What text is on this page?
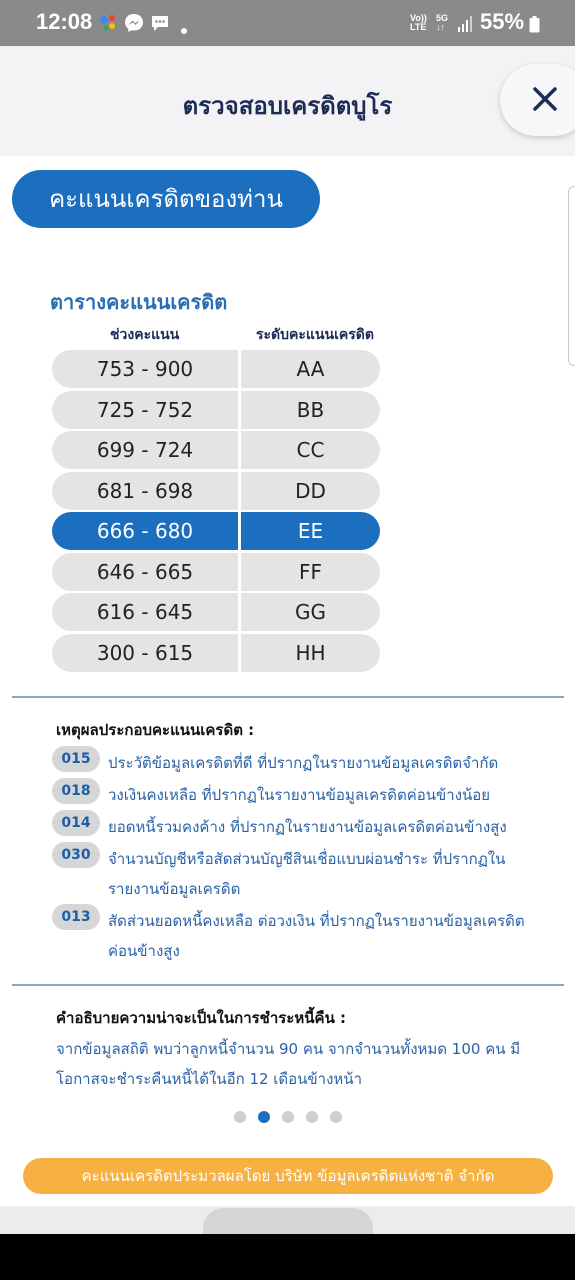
12:08	Vo))
LTE
5G
↓↑ 55%
ตรวจสอบเครดิตบูโร
คะแนนเครดิตของท่าน
ตารางคะแนนเครดิต
ช่วงคะแนน	ระดับคะแนนเครดิต
753 - 900	AA
725 - 752	BB
699 - 724	CC
681 - 698	DD
666 - 680	EE
646 - 665	FF
616 - 645	GG
300 - 615	HH
เหตุผลประกอบคะแนนเครดิต :
015	ประวัติข้อมูลเครดิตที่ดี ที่ปรากฏในรายงานข้อมูลเครดิตจำกัด
018	วงเงินคงเหลือ ที่ปรากฏในรายงานข้อมูลเครดิตค่อนข้างน้อย
014	ยอดหนี้รวมคงค้าง ที่ปรากฏในรายงานข้อมูลเครดิตค่อนข้างสูง
030	จำนวนบัญชีหรือสัดส่วนบัญชีสินเชื่อแบบผ่อนชำระ ที่ปรากฏในรายงานข้อมูลเครดิต
013	สัดส่วนยอดหนี้คงเหลือ ต่อวงเงิน ที่ปรากฏในรายงานข้อมูลเครดิตค่อนข้างสูง
คำอธิบายความน่าจะเป็นในการชำระหนี้คืน :
จากข้อมูลสถิติ พบว่าลูกหนี้จำนวน 90 คน จากจำนวนทั้งหมด 100 คน มีโอกาสจะชำระคืนหนี้ได้ในอีก 12 เดือนข้างหน้า
คะแนนเครดิตประมวลผลโดย บริษัท ข้อมูลเครดิตแห่งชาติ จำกัด
